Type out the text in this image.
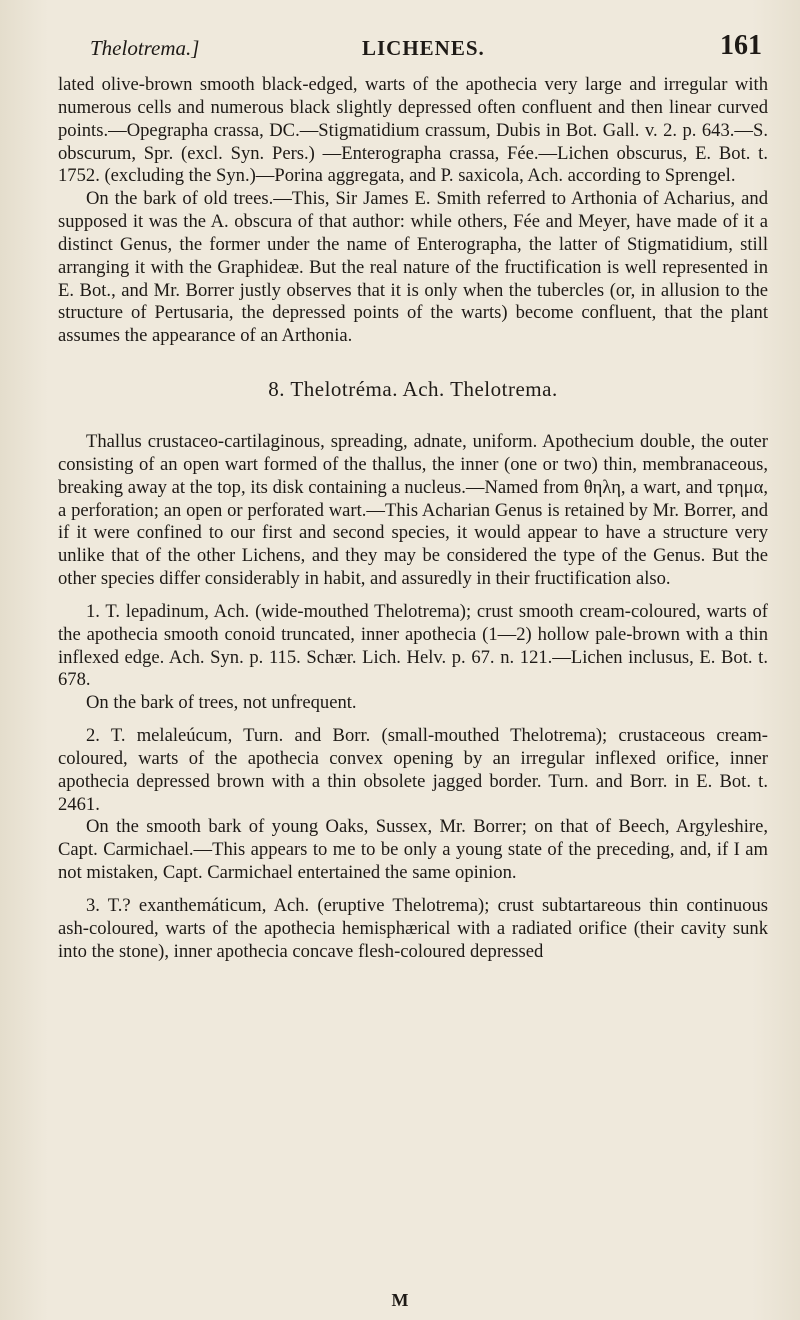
Thelotrema.]	LICHENES.	161

lated olive-brown smooth black-edged, warts of the apothecia very large and irregular with numerous cells and numerous black slightly depressed often confluent and then linear curved points.—Opegrapha crassa, DC.—Stigmatidium crassum, Dubis in Bot. Gall. v. 2. p. 643.—S. obscurum, Spr. (excl. Syn. Pers.) —Enterographa crassa, Fée.—Lichen obscurus, E. Bot. t. 1752. (excluding the Syn.)—Porina aggregata, and P. saxicola, Ach. according to Sprengel.

On the bark of old trees.—This, Sir James E. Smith referred to Arthonia of Acharius, and supposed it was the A. obscura of that author: while others, Fée and Meyer, have made of it a distinct Genus, the former under the name of Enterographa, the latter of Stigmatidium, still arranging it with the Graphideæ. But the real nature of the fructification is well represented in E. Bot., and Mr. Borrer justly observes that it is only when the tubercles (or, in allusion to the structure of Pertusaria, the depressed points of the warts) become confluent, that the plant assumes the appearance of an Arthonia.

8. Thelotréma. Ach. Thelotrema.

Thallus crustaceo-cartilaginous, spreading, adnate, uniform. Apothecium double, the outer consisting of an open wart formed of the thallus, the inner (one or two) thin, membranaceous, breaking away at the top, its disk containing a nucleus.—Named from θηλη, a wart, and τρημα, a perforation; an open or perforated wart.—This Acharian Genus is retained by Mr. Borrer, and if it were confined to our first and second species, it would appear to have a structure very unlike that of the other Lichens, and they may be considered the type of the Genus. But the other species differ considerably in habit, and assuredly in their fructification also.

1. T. lepadinum, Ach. (wide-mouthed Thelotrema); crust smooth cream-coloured, warts of the apothecia smooth conoid truncated, inner apothecia (1—2) hollow pale-brown with a thin inflexed edge. Ach. Syn. p. 115. Schær. Lich. Helv. p. 67. n. 121.—Lichen inclusus, E. Bot. t. 678.

On the bark of trees, not unfrequent.

2. T. melaleúcum, Turn. and Borr. (small-mouthed Thelotrema); crustaceous cream-coloured, warts of the apothecia convex opening by an irregular inflexed orifice, inner apothecia depressed brown with a thin obsolete jagged border. Turn. and Borr. in E. Bot. t. 2461.

On the smooth bark of young Oaks, Sussex, Mr. Borrer; on that of Beech, Argyleshire, Capt. Carmichael.—This appears to me to be only a young state of the preceding, and, if I am not mistaken, Capt. Carmichael entertained the same opinion.

3. T.? exanthemáticum, Ach. (eruptive Thelotrema); crust subtartareous thin continuous ash-coloured, warts of the apothecia hemisphærical with a radiated orifice (their cavity sunk into the stone), inner apothecia concave flesh-coloured depressed

M
